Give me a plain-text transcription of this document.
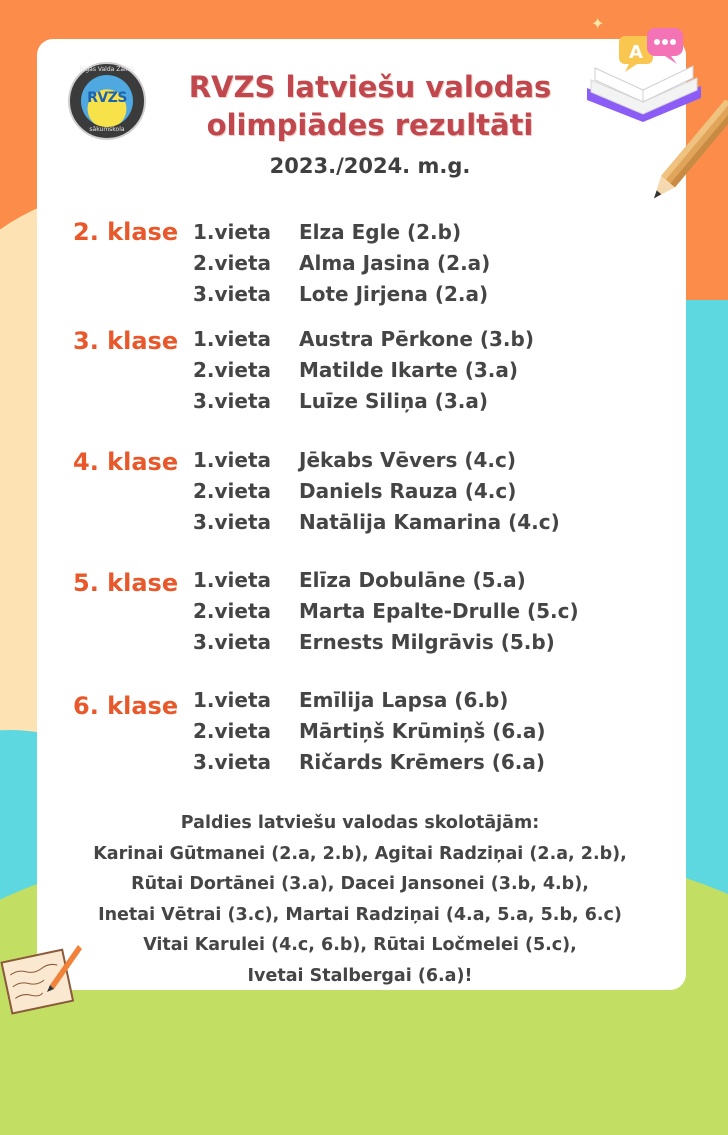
✦
Rīgas Valda Zālītis
RVZS
sākumskola
RVZS latviešu valodas
olimpiādes rezultāti
2023./2024. m.g.
A
2. klase 1.vieta Elza Egle (2.b)
2.vieta Alma Jasina (2.a)
3.vieta Lote Jirjena (2.a)
3. klase 1.vieta Austra Pērkone (3.b)
2.vieta Matilde Ikarte (3.a)
3.vieta Luīze Siliņa (3.a)
4. klase 1.vieta Jēkabs Vēvers (4.c)
2.vieta Daniels Rauza (4.c)
3.vieta Natālija Kamarina (4.c)
5. klase 1.vieta Elīza Dobulāne (5.a)
2.vieta Marta Epalte-Drulle (5.c)
3.vieta Ernests Milgrāvis (5.b)
6. klase 1.vieta Emīlija Lapsa (6.b)
2.vieta Mārtiņš Krūmiņš (6.a)
3.vieta Ričards Krēmers (6.a)
Paldies latviešu valodas skolotājām:
Karinai Gūtmanei (2.a, 2.b), Agitai Radziņai (2.a, 2.b),
Rūtai Dortānei (3.a), Dacei Jansonei (3.b, 4.b),
Inetai Vētrai (3.c), Martai Radziņai (4.a, 5.a, 5.b, 6.c)
Vitai Karulei (4.c, 6.b), Rūtai Ločmelei (5.c),
Ivetai Stalbergai (6.a)!
